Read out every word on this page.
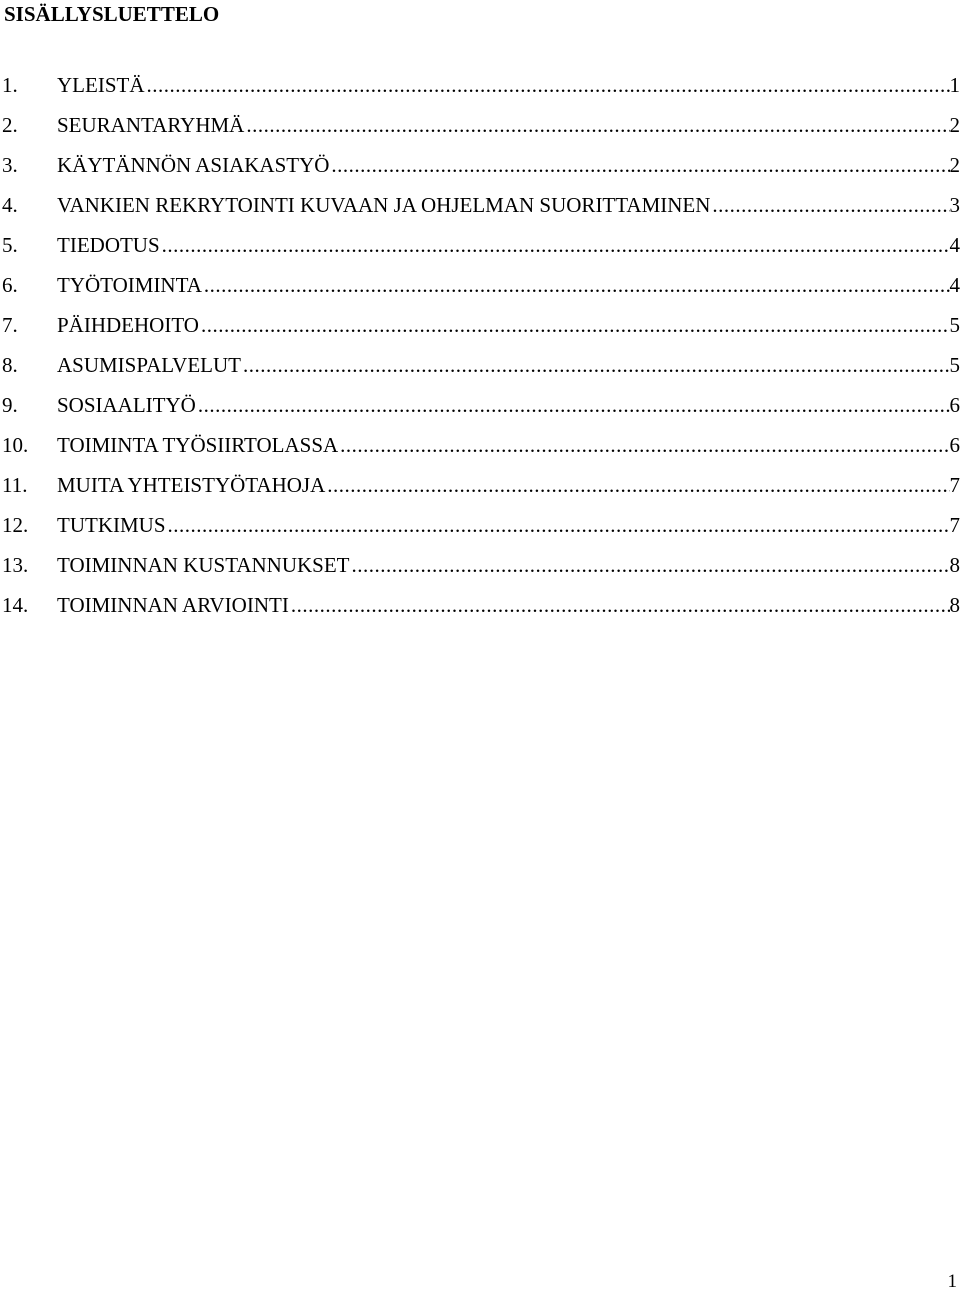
SISÄLLYSLUETTELO
1.	YLEISTÄ .....	1
2.	SEURANTARYHMÄ .....	2
3.	KÄYTÄNNÖN ASIAKASTYÖ .....	2
4.	VANKIEN REKRYTOINTI KUVAAN JA OHJELMAN SUORITTAMINEN .....	3
5.	TIEDOTUS .....	4
6.	TYÖTOIMINTA .....	4
7.	PÄIHDEHOITO .....	5
8.	ASUMISPALVELUT .....	5
9.	SOSIAALITYÖ .....	6
10.	TOIMINTA TYÖSIIRTOLASSA .....	6
11.	MUITA YHTEISTYÖTAHOJA .....	7
12.	TUTKIMUS .....	7
13.	TOIMINNAN KUSTANNUKSET .....	8
14.	TOIMINNAN ARVIOINTI .....	8
1
